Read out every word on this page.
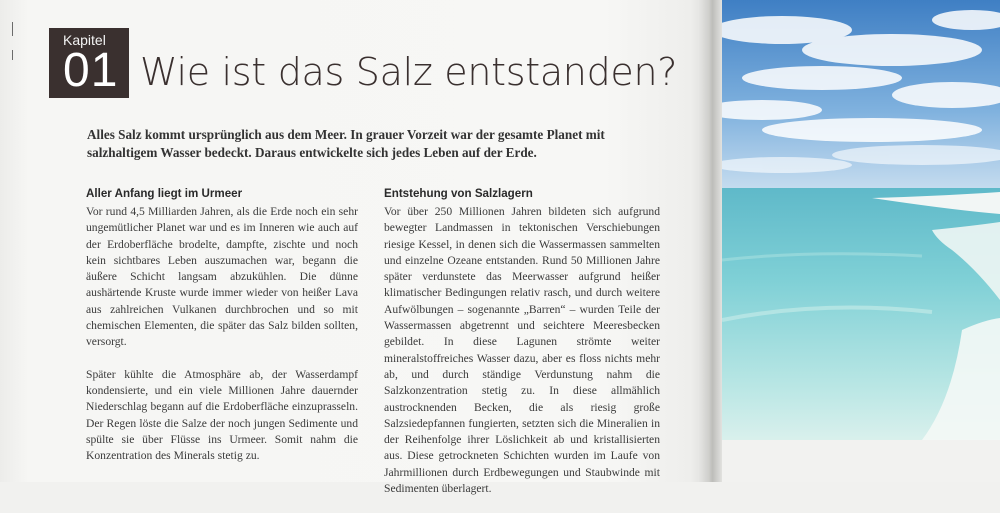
Kapitel
01 Wie ist das Salz entstanden?
Alles Salz kommt ursprünglich aus dem Meer. In grauer Vorzeit war der gesamte Planet mit salzhaltigem Wasser bedeckt. Daraus entwickelte sich jedes Leben auf der Erde.
Aller Anfang liegt im Urmeer

Vor rund 4,5 Milliarden Jahren, als die Erde noch ein sehr ungemütlicher Planet war und es im Inneren wie auch auf der Erdoberfläche brodelte, dampfte, zischte und noch kein sichtbares Leben auszumachen war, begann die äußere Schicht langsam abzukühlen. Die dünne aushärtende Kruste wurde immer wieder von heißer Lava aus zahlreichen Vulkanen durchbrochen und so mit chemischen Elementen, die später das Salz bilden sollten, versorgt.

Später kühlte die Atmosphäre ab, der Wasserdampf kondensierte, und ein viele Millionen Jahre dauernder Niederschlag begann auf die Erdoberfläche einzuprasseln. Der Regen löste die Salze der noch jungen Sedimente und spülte sie über Flüsse ins Urmeer. Somit nahm die Konzentration des Minerals stetig zu.

Entstehung von Salzlagern

Vor über 250 Millionen Jahren bildeten sich aufgrund bewegter Landmassen in tektonischen Verschiebungen riesige Kessel, in denen sich die Wassermassen sammelten und einzelne Ozeane entstanden. Rund 50 Millionen Jahre später verdunstete das Meerwasser aufgrund heißer klimatischer Bedingungen relativ rasch, und durch weitere Aufwölbungen – sogenannte „Barren“ – wurden Teile der Wassermassen abgetrennt und seichtere Meeresbecken gebildet. In diese Lagunen strömte weiter mineralstoffreiches Wasser dazu, aber es floss nichts mehr ab, und durch ständige Verdunstung nahm die Salzkonzentration stetig zu. In diese allmählich austrocknenden Becken, die als riesig große Salzsiedepfannen fungierten, setzten sich die Mineralien in der Reihenfolge ihrer Löslichkeit ab und kristallisierten aus. Diese getrockneten Schichten wurden im Laufe von Jahrmillionen durch Erdbewegungen und Staubwinde mit Sedimenten überlagert.
